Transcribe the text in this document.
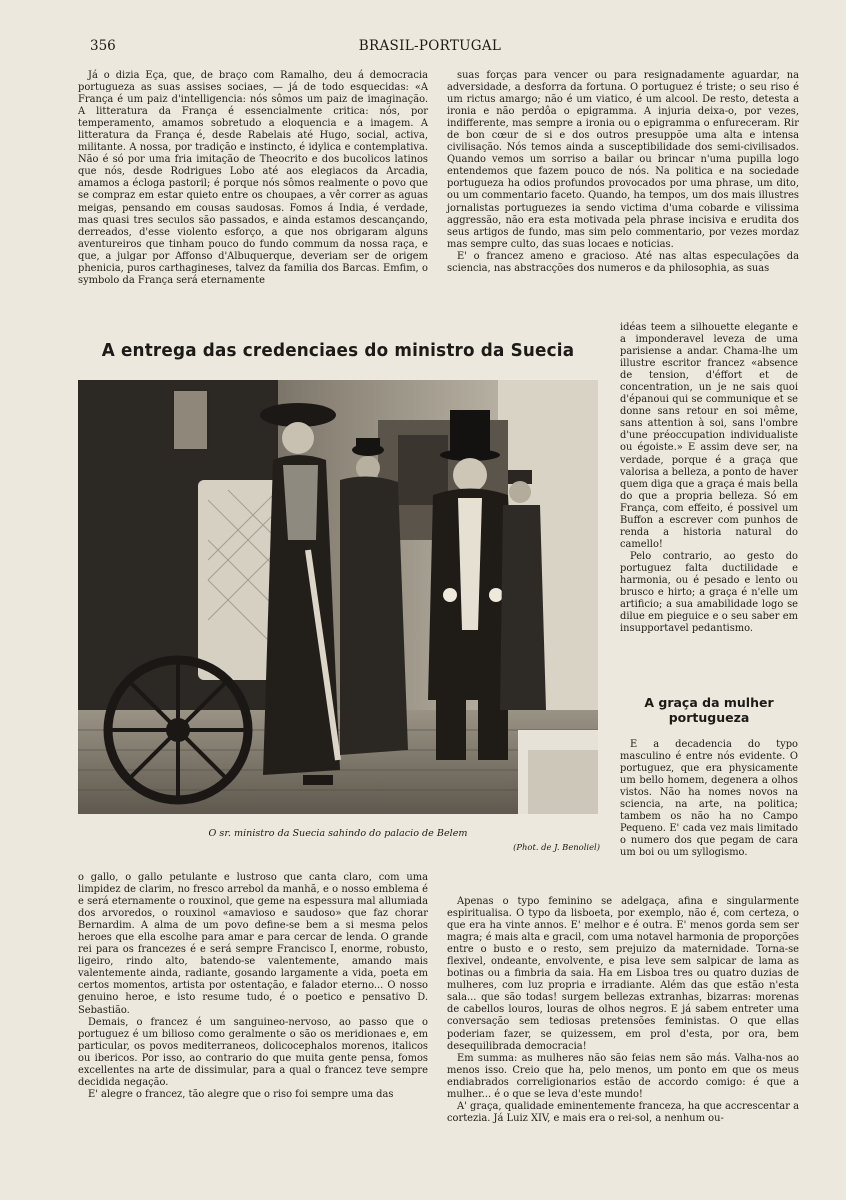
356	BRASIL-PORTUGAL

Já o dizia Eça, que, de braço com Ramalho, deu á democracia portugueza as suas assises sociaes, — já de todo esquecidas: «A França é um paiz d'intelligencia: nós sômos um paiz de imaginação. A litteratura da França é essencialmente critica: nós, por temperamento, amamos sobretudo a eloquencia e a imagem. A litteratura da França é, desde Rabelais até Hugo, social, activa, militante. A nossa, por tradição e instincto, é idylica e contemplativa. Não é só por uma fria imitação de Theocrito e dos bucolicos latinos que nós, desde Rodrigues Lobo até aos elegiacos da Arcadia, amamos a écloga pastoril; é porque nós sômos realmente o povo que se compraz em estar quieto entre os choupaes, a vêr correr as aguas meigas, pensando em cousas saudosas. Fomos á India, é verdade, mas quasi tres seculos são passados, e ainda estamos descançando, derreados, d'esse violento esforço, a que nos obrigaram alguns aventureiros que tinham pouco do fundo commum da nossa raça, e que, a julgar por Affonso d'Albuquerque, deveriam ser de origem phenicia, puros carthagineses, talvez da familia dos Barcas. Emfim, o symbolo da França será eternamente

suas forças para vencer ou para resignadamente aguardar, na adversidade, a desforra da fortuna. O portuguez é triste; o seu riso é um rictus amargo; não é um viatico, é um alcool. De resto, detesta a ironia e não perdôa o epigramma. A injuria deixa-o, por vezes, indifferente, mas sempre a ironia ou o epigramma o enfureceram. Rir de bon cœur de si e dos outros presuppõe uma alta e intensa civilisação. Nós temos ainda a susceptibilidade dos semi-civilisados. Quando vemos um sorriso a bailar ou brincar n'uma pupilla logo entendemos que fazem pouco de nós. Na politica e na sociedade portugueza ha odios profundos provocados por uma phrase, um dito, ou um commentario faceto. Quando, ha tempos, um dos mais illustres jornalistas portuguezes ia sendo victima d'uma cobarde e vilissima aggressão, não era esta motivada pela phrase incisiva e erudita dos seus artigos de fundo, mas sim pelo commentario, por vezes mordaz mas sempre culto, das suas locaes e noticias.

E' o francez ameno e gracioso. Até nas altas especulações da sciencia, nas abstracções dos numeros e da philosophia, as suas

A entrega das credenciaes do ministro da Suecia
O sr. ministro da Suecia sahindo do palacio de Belem
(Phot. de J. Benoliel)

idéas teem a silhouette elegante e a imponderavel leveza de uma parisiense a andar. Chama-lhe um illustre escritor francez «absence de tension, d'éffort et de concentration, un je ne sais quoi d'épanoui qui se communique et se donne sans retour en soi même, sans attention à soi, sans l'ombre d'une préoccupation individualiste ou égoiste.» E assim deve ser, na verdade, porque é a graça que valorisa a belleza, a ponto de haver quem diga que a graça é mais bella do que a propria belleza. Só em França, com effeito, é possivel um Buffon a escrever com punhos de renda a historia natural do camello!

Pelo contrario, ao gesto do portuguez falta ductilidade e harmonia, ou é pesado e lento ou brusco e hirto; a graça é n'elle um artificio; a sua amabilidade logo se dilue em pieguice e o seu saber em insupportavel pedantismo.

A graça da mulher portugueza

E a decadencia do typo masculino é entre nós evidente. O portuguez, que era physicamente um bello homem, degenera a olhos vistos. Não ha nomes novos na sciencia, na arte, na politica; tambem os não ha no Campo Pequeno. E' cada vez mais limitado o numero dos que pegam de cara um boi ou um syllogismo.

o gallo, o gallo petulante e lustroso que canta claro, com uma limpidez de clarim, no fresco arrebol da manhã, e o nosso emblema é e será eternamente o rouxinol, que geme na espessura mal allumiada dos arvoredos, o rouxinol «amavioso e saudoso» que faz chorar Bernardim. A alma de um povo define-se bem a si mesma pelos heroes que ella escolhe para amar e para cercar de lenda. O grande rei para os francezes é e será sempre Francisco I, enorme, robusto, ligeiro, rindo alto, batendo-se valentemente, amando mais valentemente ainda, radiante, gosando largamente a vida, poeta em certos momentos, artista por ostentação, e falador eterno... O nosso genuino heroe, e isto resume tudo, é o poetico e pensativo D. Sebastião.

Demais, o francez é um sanguineo-nervoso, ao passo que o portuguez é um bilioso como geralmente o são os meridionaes e, em particular, os povos mediterraneos, dolicocephalos morenos, italicos ou ibericos. Por isso, ao contrario do que muita gente pensa, fomos excellentes na arte de dissimular, para a qual o francez teve sempre decidida negação.

E' alegre o francez, tão alegre que o riso foi sempre uma das

Apenas o typo feminino se adelgaça, afina e singularmente espiritualisa. O typo da lisboeta, por exemplo, não é, com certeza, o que era ha vinte annos. E' melhor e é outra. E' menos gorda sem ser magra; é mais alta e gracil, com uma notavel harmonia de proporções entre o busto e o resto, sem prejuizo da maternidade. Torna-se flexivel, ondeante, envolvente, e pisa leve sem salpicar de lama as botinas ou a fimbria da saia. Ha em Lisboa tres ou quatro duzias de mulheres, com luz propria e irradiante. Além das que estão n'esta sala... que são todas! surgem bellezas extranhas, bizarras: morenas de cabellos louros, louras de olhos negros. E já sabem entreter uma conversação sem tediosas pretensões feministas. O que ellas poderiam fazer, se quizessem, em prol d'esta, por ora, bem desequilibrada democracia!

Em summa: as mulheres não são feias nem são más. Valha-nos ao menos isso. Creio que ha, pelo menos, um ponto em que os meus endiabrados correligionarios estão de accordo comigo: é que a mulher... é o que se leva d'este mundo!

A' graça, qualidade eminentemente franceza, ha que accrescentar a cortezia. Já Luiz XIV, e mais era o rei-sol, a nenhum ou-
